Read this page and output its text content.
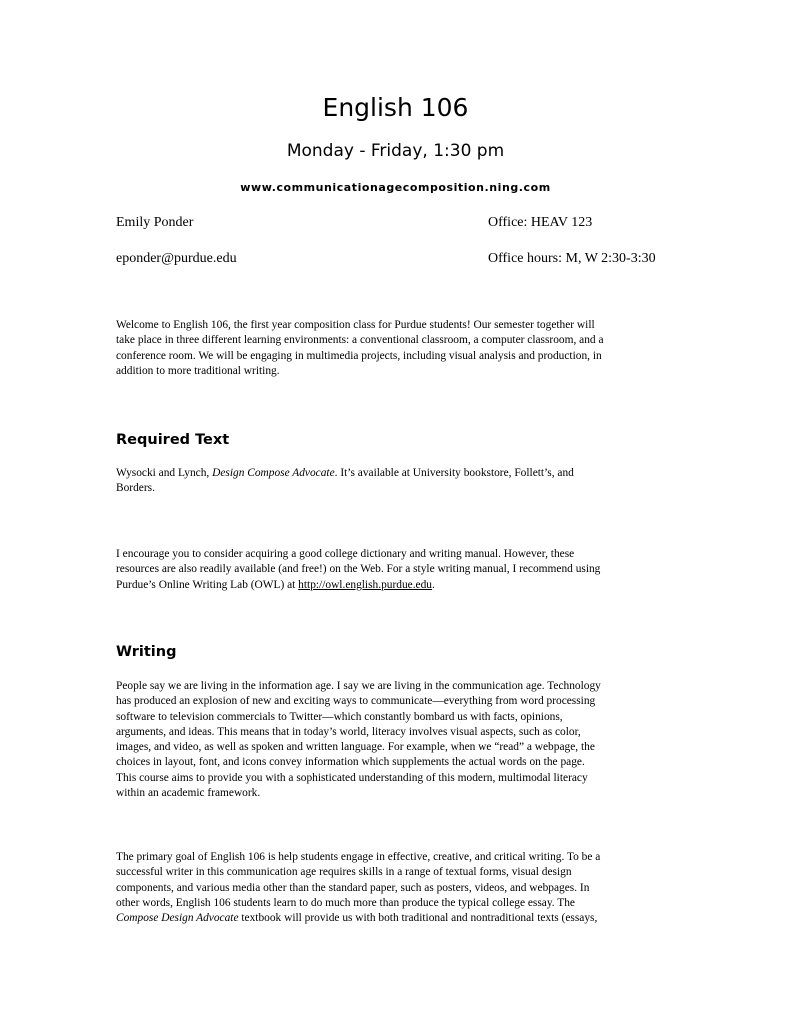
English 106
Monday - Friday, 1:30 pm
www.communicationagecomposition.ning.com
Emily Ponder	Office: HEAV 123
eponder@purdue.edu	Office hours: M, W 2:30-3:30

Welcome to English 106, the first year composition class for Purdue students! Our semester together will
take place in three different learning environments: a conventional classroom, a computer classroom, and a
conference room. We will be engaging in multimedia projects, including visual analysis and production, in
addition to more traditional writing.

Required Text

Wysocki and Lynch, Design Compose Advocate. It’s available at University bookstore, Follett’s, and
Borders.

I encourage you to consider acquiring a good college dictionary and writing manual. However, these
resources are also readily available (and free!) on the Web. For a style writing manual, I recommend using
Purdue’s Online Writing Lab (OWL) at http://owl.english.purdue.edu.

Writing

People say we are living in the information age. I say we are living in the communication age. Technology
has produced an explosion of new and exciting ways to communicate—everything from word processing
software to television commercials to Twitter—which constantly bombard us with facts, opinions,
arguments, and ideas. This means that in today’s world, literacy involves visual aspects, such as color,
images, and video, as well as spoken and written language. For example, when we “read” a webpage, the
choices in layout, font, and icons convey information which supplements the actual words on the page.
This course aims to provide you with a sophisticated understanding of this modern, multimodal literacy
within an academic framework.

The primary goal of English 106 is help students engage in effective, creative, and critical writing. To be a
successful writer in this communication age requires skills in a range of textual forms, visual design
components, and various media other than the standard paper, such as posters, videos, and webpages. In
other words, English 106 students learn to do much more than produce the typical college essay. The
Compose Design Advocate textbook will provide us with both traditional and nontraditional texts (essays,
